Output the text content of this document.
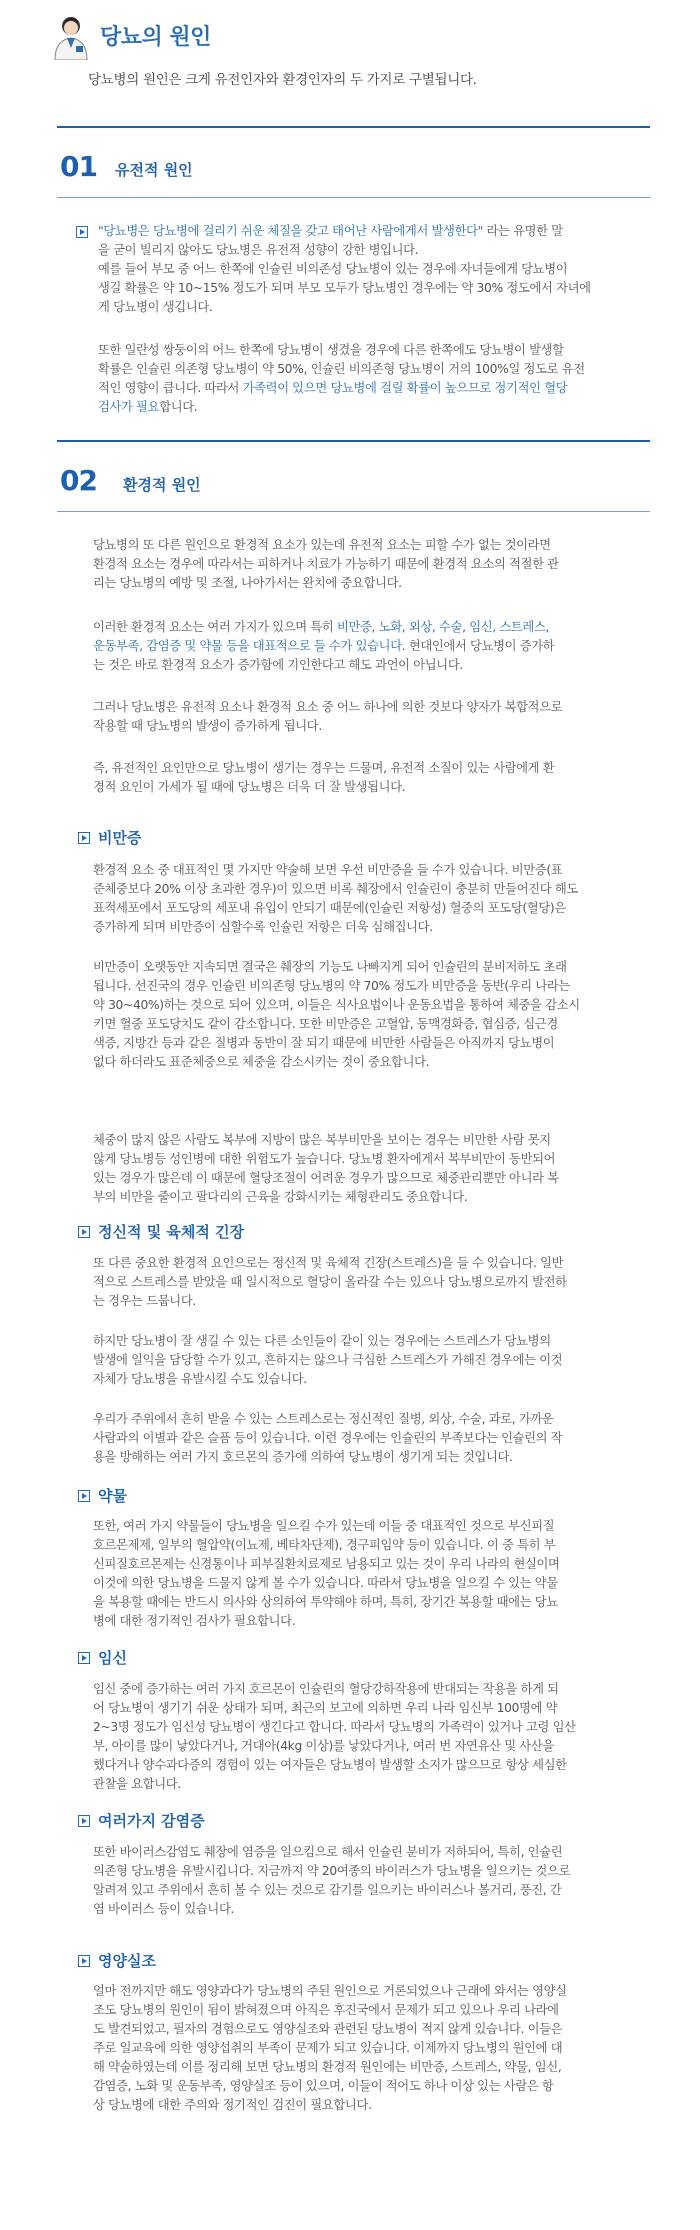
당뇨의 원인
당뇨병의 원인은 크게 유전인자와 환경인자의 두 가지로 구별됩니다.
01 유전적 원인
"당뇨병은 당뇨병에 걸리기 쉬운 체질을 갖고 태어난 사람에게서 발생한다" 라는 유명한 말
을 굳이 빌리지 않아도 당뇨병은 유전적 성향이 강한 병입니다.
예를 들어 부모 중 어느 한쪽에 인슐린 비의존성 당뇨병이 있는 경우에 자녀들에게 당뇨병이
생길 확률은 약 10~15% 정도가 되며 부모 모두가 당뇨병인 경우에는 약 30% 정도에서 자녀에
게 당뇨병이 생깁니다.
또한 일란성 쌍둥이의 어느 한쪽에 당뇨병이 생겼을 경우에 다른 한쪽에도 당뇨병이 발생할
확률은 인슐린 의존형 당뇨병이 약 50%, 인슐린 비의존형 당뇨병이 거의 100%일 정도로 유전
적인 영향이 큽니다. 따라서 가족력이 있으면 당뇨병에 걸릴 확률이 높으므로 정기적인 혈당
검사가 필요합니다.
02 환경적 원인
당뇨병의 또 다른 원인으로 환경적 요소가 있는데 유전적 요소는 피할 수가 없는 것이라면
환경적 요소는 경우에 따라서는 피하거나 치료가 가능하기 때문에 환경적 요소의 적절한 관
리는 당뇨병의 예방 및 조절, 나아가서는 완치에 중요합니다.
이러한 환경적 요소는 여러 가지가 있으며 특히 비만증, 노화, 외상, 수술, 임신, 스트레스,
운동부족, 감염증 및 약물 등을 대표적으로 들 수가 있습니다. 현대인에서 당뇨병이 증가하
는 것은 바로 환경적 요소가 증가함에 기인한다고 해도 과언이 아닙니다.
그러나 당뇨병은 유전적 요소나 환경적 요소 중 어느 하나에 의한 것보다 양자가 복합적으로
작용할 때 당뇨병의 발생이 증가하게 됩니다.
즉, 유전적인 요인만으로 당뇨병이 생기는 경우는 드물며, 유전적 소질이 있는 사람에게 환
경적 요인이 가세가 될 때에 당뇨병은 더욱 더 잘 발생됩니다.
비만증
환경적 요소 중 대표적인 몇 가지만 약술해 보면 우선 비만증을 들 수가 있습니다. 비만증(표
준체중보다 20% 이상 초과한 경우)이 있으면 비록 췌장에서 인슐린이 충분히 만들어진다 해도
표적세포에서 포도당의 세포내 유입이 안되기 때문에(인슐린 저항성) 혈중의 포도당(혈당)은
증가하게 되며 비만증이 심할수록 인슐린 저항은 더욱 심해집니다.
비만증이 오랫동안 지속되면 결국은 췌장의 기능도 나빠지게 되어 인슐린의 분비저하도 초래
됩니다. 선진국의 경우 인슐린 비의존형 당뇨병의 약 70% 정도가 비만증을 동반(우리 나라는
약 30~40%)하는 것으로 되어 있으며, 이들은 식사요법이나 운동요법을 통하여 체중을 감소시
키면 혈중 포도당치도 같이 감소합니다. 또한 비만증은 고혈압, 동맥경화증, 협심증, 심근경
색증, 지방간 등과 같은 질병과 동반이 잘 되기 때문에 비만한 사람들은 아직까지 당뇨병이
없다 하더라도 표준체중으로 체중을 감소시키는 것이 중요합니다.
체중이 많지 않은 사람도 복부에 지방이 많은 복부비만을 보이는 경우는 비만한 사람 못지
않게 당뇨병등 성인병에 대한 위험도가 높습니다. 당뇨병 환자에게서 복부비만이 동반되어
있는 경우가 많은데 이 때문에 혈당조절이 어려운 경우가 많으므로 체중관리뿐만 아니라 복
부의 비만을 줄이고 팔다리의 근육을 강화시키는 체형관리도 중요합니다.
정신적 및 육체적 긴장
또 다른 중요한 환경적 요인으로는 정신적 및 육체적 긴장(스트레스)을 들 수 있습니다. 일반
적으로 스트레스를 받았을 때 일시적으로 혈당이 올라갈 수는 있으나 당뇨병으로까지 발전하
는 경우는 드뭅니다.
하지만 당뇨병이 잘 생길 수 있는 다른 소인들이 같이 있는 경우에는 스트레스가 당뇨병의
발생에 일익을 담당할 수가 있고, 흔하지는 않으나 극심한 스트레스가 가해진 경우에는 이것
자체가 당뇨병을 유발시킬 수도 있습니다.
우리가 주위에서 흔히 받을 수 있는 스트레스로는 정신적인 질병, 외상, 수술, 과로, 가까운
사람과의 이별과 같은 슬픔 등이 있습니다. 이런 경우에는 인슐린의 부족보다는 인슐린의 작
용을 방해하는 여러 가지 호르몬의 증가에 의하여 당뇨병이 생기게 되는 것입니다.
약물
또한, 여러 가지 약물들이 당뇨병을 일으킬 수가 있는데 이들 중 대표적인 것으로 부신피질
호르몬제제, 일부의 혈압약(이뇨제, 베타차단제), 경구피임약 등이 있습니다. 이 중 특히 부
신피질호르몬제는 신경통이나 피부질환치료제로 남용되고 있는 것이 우리 나라의 현실이며
이것에 의한 당뇨병을 드물지 않게 볼 수가 있습니다. 따라서 당뇨병을 일으킬 수 있는 약물
을 복용할 때에는 반드시 의사와 상의하여 투약해야 하며, 특히, 장기간 복용할 때에는 당뇨
병에 대한 정기적인 검사가 필요합니다.
임신
임신 중에 증가하는 여러 가지 호르몬이 인슐린의 혈당강하작용에 반대되는 작용을 하게 되
어 당뇨병이 생기기 쉬운 상태가 되며, 최근의 보고에 의하면 우리 나라 임신부 100명에 약
2~3명 정도가 임신성 당뇨병이 생긴다고 합니다. 따라서 당뇨병의 가족력이 있거나 고령 임산
부, 아이를 많이 낳았다거나, 거대아(4kg 이상)를 낳았다거나, 여러 번 자연유산 및 사산을
했다거나 양수과다증의 경험이 있는 여자들은 당뇨병이 발생할 소지가 많으므로 항상 세심한
관찰을 요합니다.
여러가지 감염증
또한 바이러스감염도 췌장에 염증을 일으킴으로 해서 인슐린 분비가 저하되어, 특히, 인슐린
의존형 당뇨병을 유발시킵니다. 지금까지 약 20여종의 바이러스가 당뇨병을 일으키는 것으로
알려져 있고 주위에서 흔히 볼 수 있는 것으로 감기를 일으키는 바이러스나 볼거리, 풍진, 간
염 바이러스 등이 있습니다.
영양실조
얼마 전까지만 해도 영양과다가 당뇨병의 주된 원인으로 거론되었으나 근래에 와서는 영양실
조도 당뇨병의 원인이 됨이 밝혀졌으며 아직은 후진국에서 문제가 되고 있으나 우리 나라에
도 발견되었고, 필자의 경험으로도 영양실조와 관련된 당뇨병이 적지 않게 있습니다. 이들은
주로 일교육에 의한 영양섭취의 부족이 문제가 되고 있습니다. 이제까지 당뇨병의 원인에 대
해 약술하였는데 이를 정리해 보면 당뇨병의 환경적 원인에는 비만증, 스트레스, 약물, 임신,
감염증, 노화 및 운동부족, 영양실조 등이 있으며, 이들이 적어도 하나 이상 있는 사람은 항
상 당뇨병에 대한 주의와 정기적인 검진이 필요합니다.
